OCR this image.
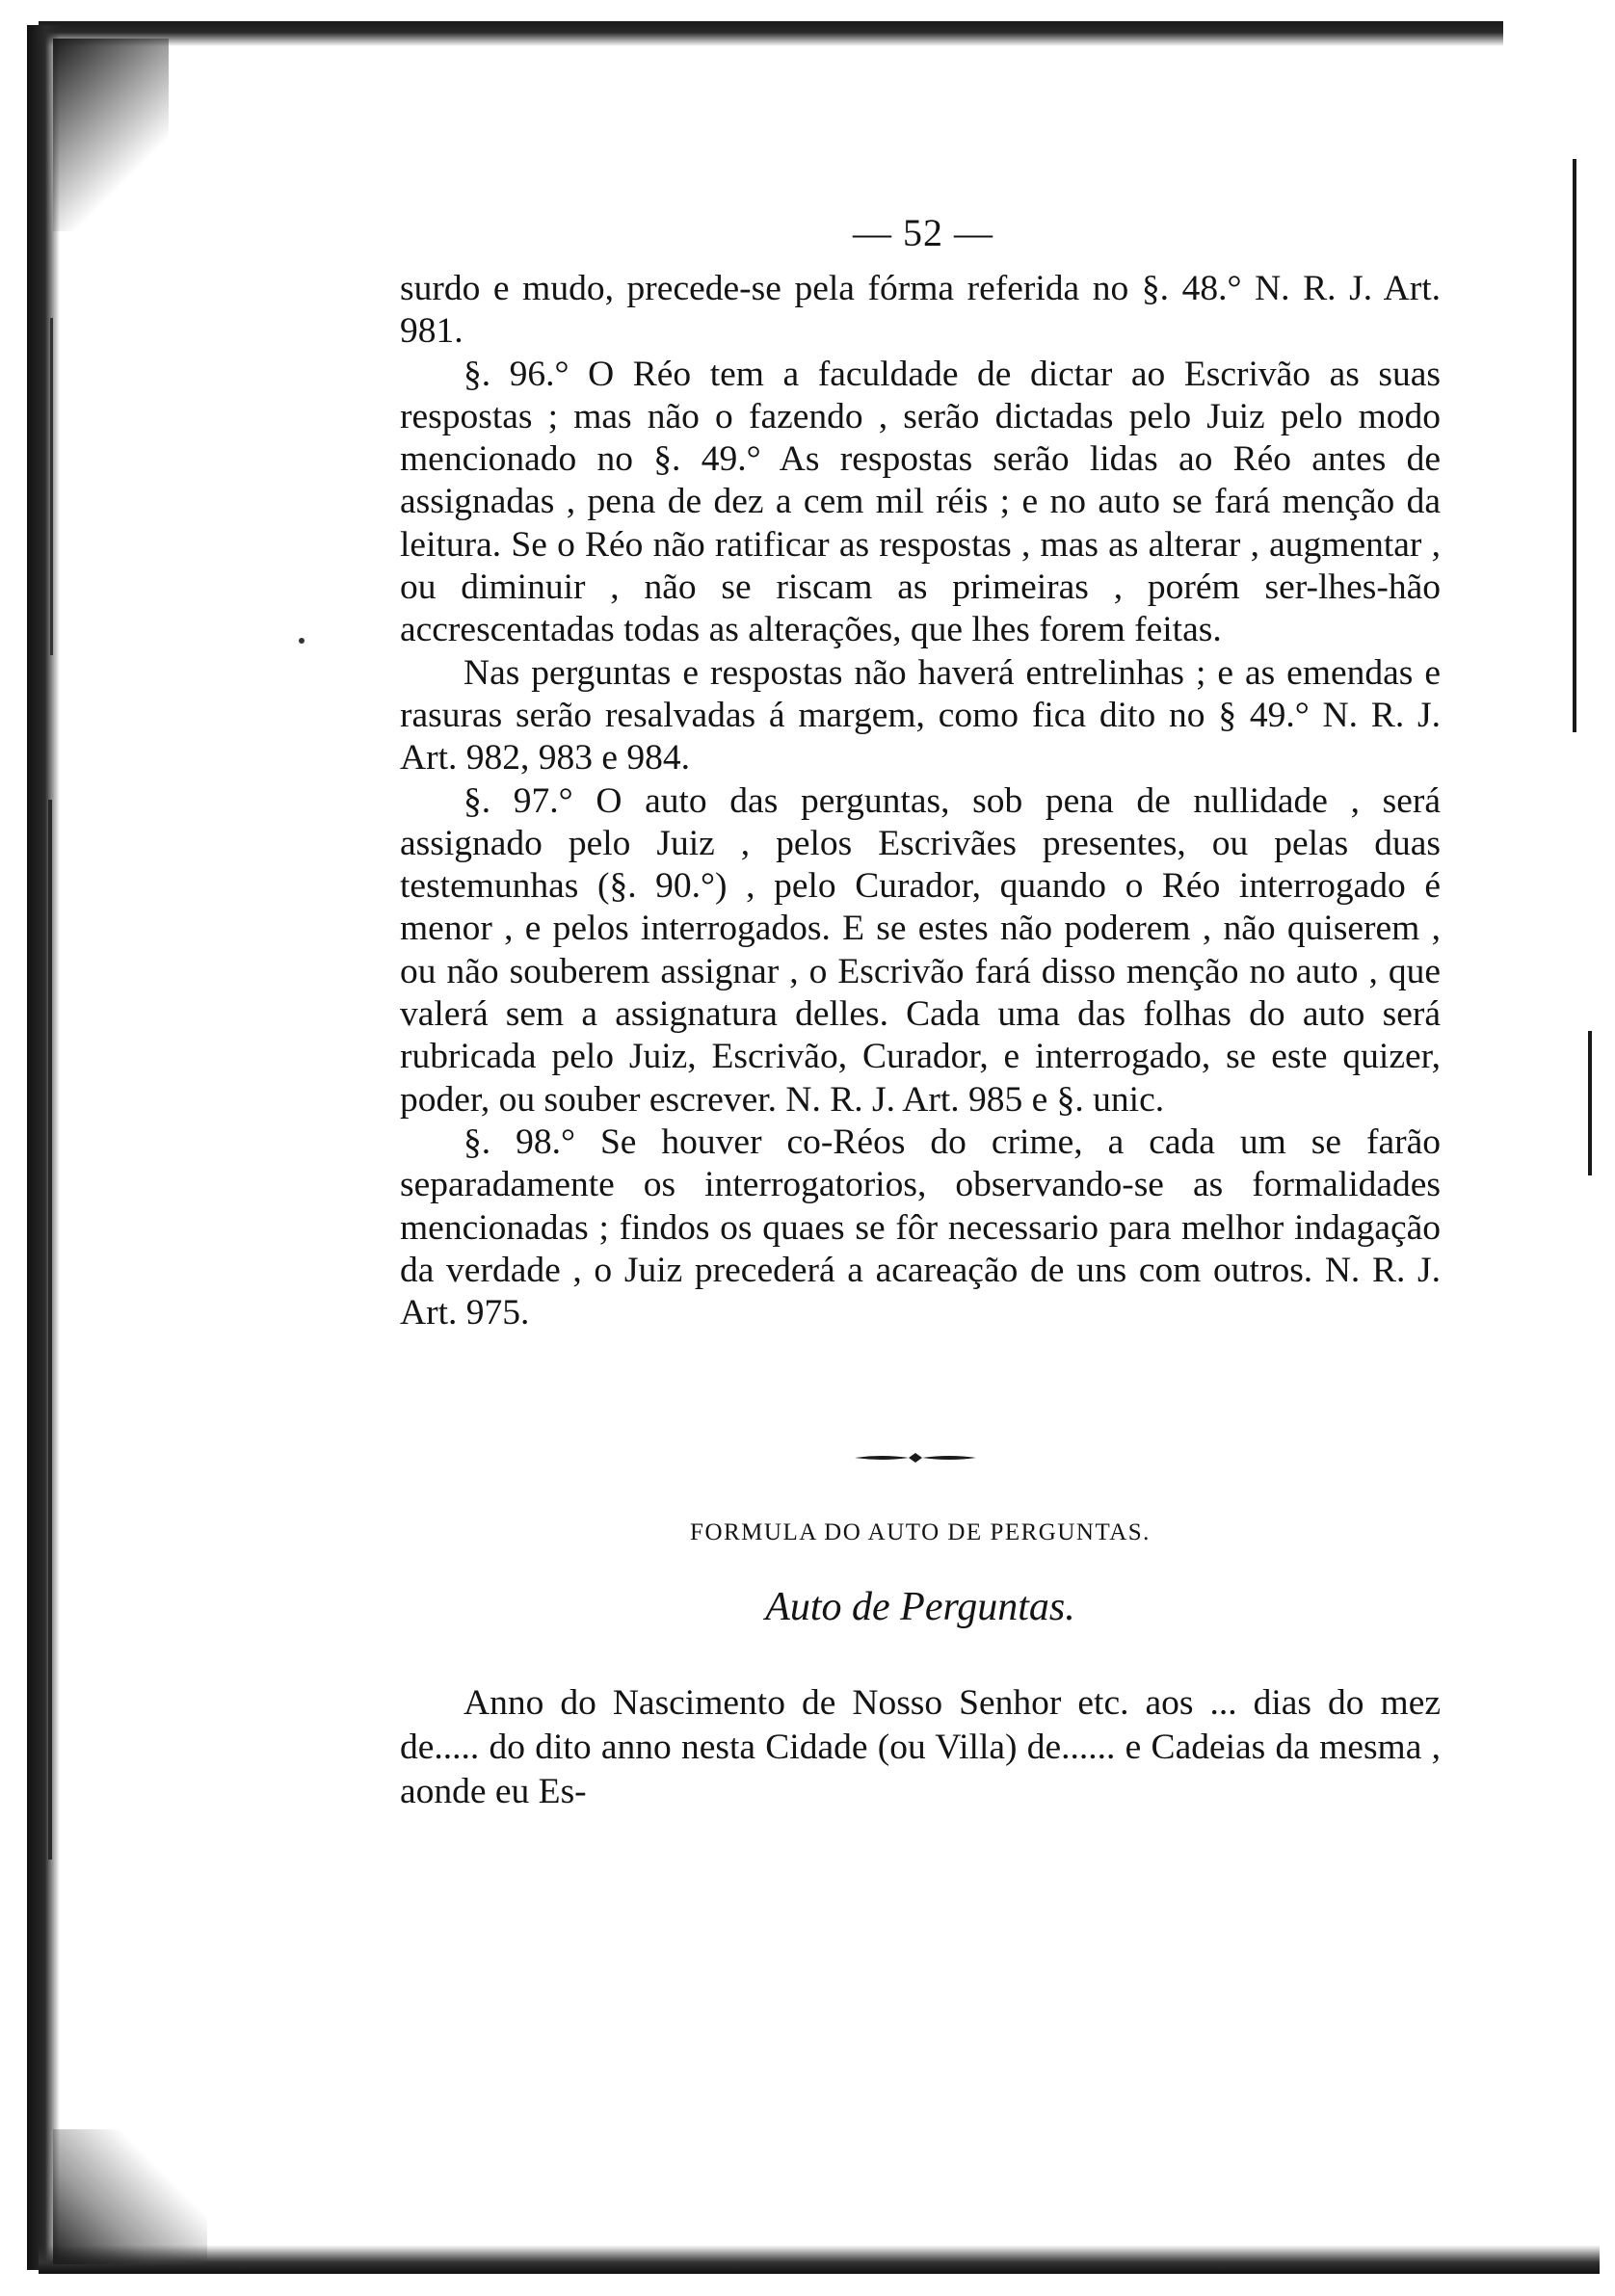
— 52 —

surdo e mudo, precede-se pela fórma referida no §. 48.° N. R. J. Art. 981.

§. 96.° O Réo tem a faculdade de dictar ao Escrivão as suas respostas ; mas não o fazendo , serão dictadas pelo Juiz pelo modo mencionado no §. 49.° As respostas serão lidas ao Réo antes de assignadas , pena de dez a cem mil réis ; e no auto se fará menção da leitura. Se o Réo não ratificar as respostas , mas as alterar , augmentar , ou diminuir , não se riscam as primeiras , porém ser-lhes-hão accrescentadas todas as alterações, que lhes forem feitas.

Nas perguntas e respostas não haverá entrelinhas ; e as emendas e rasuras serão resalvadas á margem, como fica dito no § 49.° N. R. J. Art. 982, 983 e 984.

§. 97.° O auto das perguntas, sob pena de nullidade , será assignado pelo Juiz , pelos Escrivães presentes, ou pelas duas testemunhas (§. 90.°) , pelo Curador, quando o Réo interrogado é menor , e pelos interrogados. E se estes não poderem , não quiserem , ou não souberem assignar , o Escrivão fará disso menção no auto , que valerá sem a assignatura delles. Cada uma das folhas do auto será rubricada pelo Juiz, Escrivão, Curador, e interrogado, se este quizer, poder, ou souber escrever. N. R. J. Art. 985 e §. unic.

§. 98.° Se houver co-Réos do crime, a cada um se farão separadamente os interrogatorios, observando-se as formalidades mencionadas ; findos os quaes se fôr necessario para melhor indagação da verdade , o Juiz precederá a acareação de uns com outros. N. R. J. Art. 975.

FORMULA DO AUTO DE PERGUNTAS.
Auto de Perguntas.

Anno do Nascimento de Nosso Senhor etc. aos ... dias do mez de..... do dito anno nesta Cidade (ou Villa) de...... e Cadeias da mesma , aonde eu Es-
